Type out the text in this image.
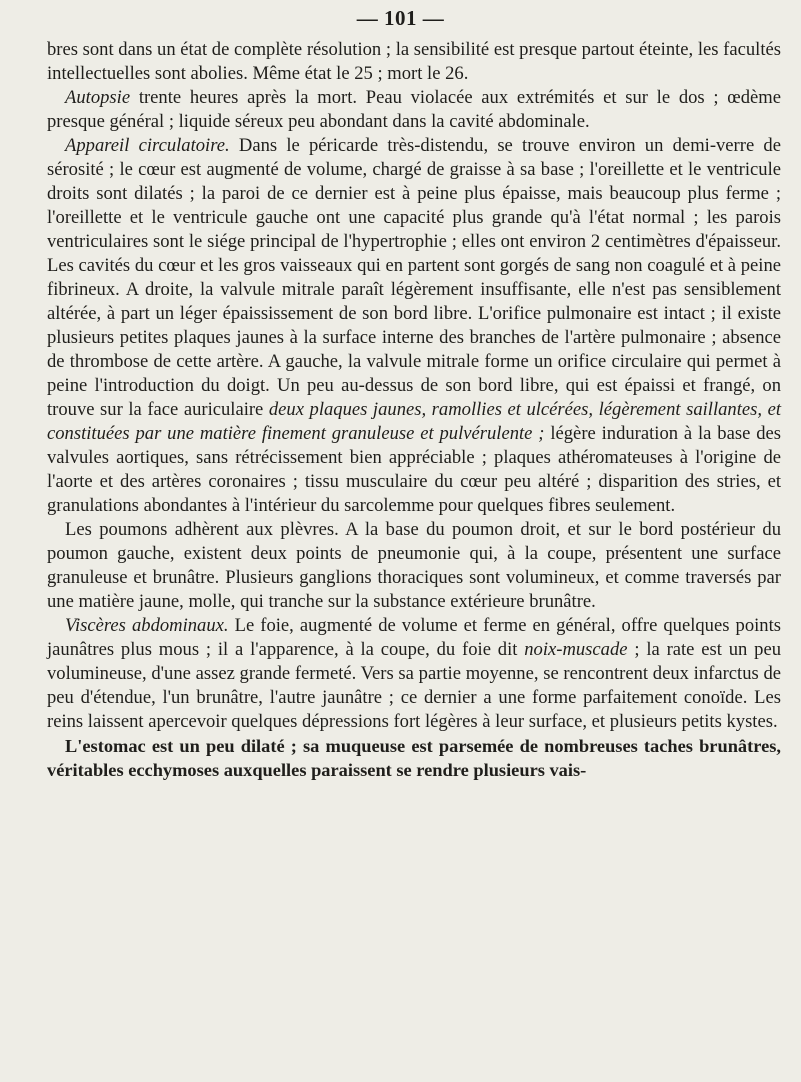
— 101 —

bres sont dans un état de complète résolution ; la sensibilité est presque partout éteinte, les facultés intellectuelles sont abolies. Même état le 25 ; mort le 26.

Autopsie trente heures après la mort. Peau violacée aux extrémités et sur le dos ; œdème presque général ; liquide séreux peu abondant dans la cavité abdominale.

Appareil circulatoire. Dans le péricarde très-distendu, se trouve environ un demi-verre de sérosité ; le cœur est augmenté de volume, chargé de graisse à sa base ; l'oreillette et le ventricule droits sont dilatés ; la paroi de ce dernier est à peine plus épaisse, mais beaucoup plus ferme ; l'oreillette et le ventricule gauche ont une capacité plus grande qu'à l'état normal ; les parois ventriculaires sont le siége principal de l'hypertrophie ; elles ont environ 2 centimètres d'épaisseur. Les cavités du cœur et les gros vaisseaux qui en partent sont gorgés de sang non coagulé et à peine fibrineux. A droite, la valvule mitrale paraît légèrement insuffisante, elle n'est pas sensiblement altérée, à part un léger épaississement de son bord libre. L'orifice pulmonaire est intact ; il existe plusieurs petites plaques jaunes à la surface interne des branches de l'artère pulmonaire ; absence de thrombose de cette artère. A gauche, la valvule mitrale forme un orifice circulaire qui permet à peine l'introduction du doigt. Un peu au-dessus de son bord libre, qui est épaissi et frangé, on trouve sur la face auriculaire deux plaques jaunes, ramollies et ulcérées, légèrement saillantes, et constituées par une matière finement granuleuse et pulvérulente ; légère induration à la base des valvules aortiques, sans rétrécissement bien appréciable ; plaques athéromateuses à l'origine de l'aorte et des artères coronaires ; tissu musculaire du cœur peu altéré ; disparition des stries, et granulations abondantes à l'intérieur du sarcolemme pour quelques fibres seulement.

Les poumons adhèrent aux plèvres. A la base du poumon droit, et sur le bord postérieur du poumon gauche, existent deux points de pneumonie qui, à la coupe, présentent une surface granuleuse et brunâtre. Plusieurs ganglions thoraciques sont volumineux, et comme traversés par une matière jaune, molle, qui tranche sur la substance extérieure brunâtre.

Viscères abdominaux. Le foie, augmenté de volume et ferme en général, offre quelques points jaunâtres plus mous ; il a l'apparence, à la coupe, du foie dit noix-muscade ; la rate est un peu volumineuse, d'une assez grande fermeté. Vers sa partie moyenne, se rencontrent deux infarctus de peu d'étendue, l'un brunâtre, l'autre jaunâtre ; ce dernier a une forme parfaitement conoïde. Les reins laissent apercevoir quelques dépressions fort légères à leur surface, et plusieurs petits kystes.

L'estomac est un peu dilaté ; sa muqueuse est parsemée de nombreuses taches brunâtres, véritables ecchymoses auxquelles paraissent se rendre plusieurs vais-
